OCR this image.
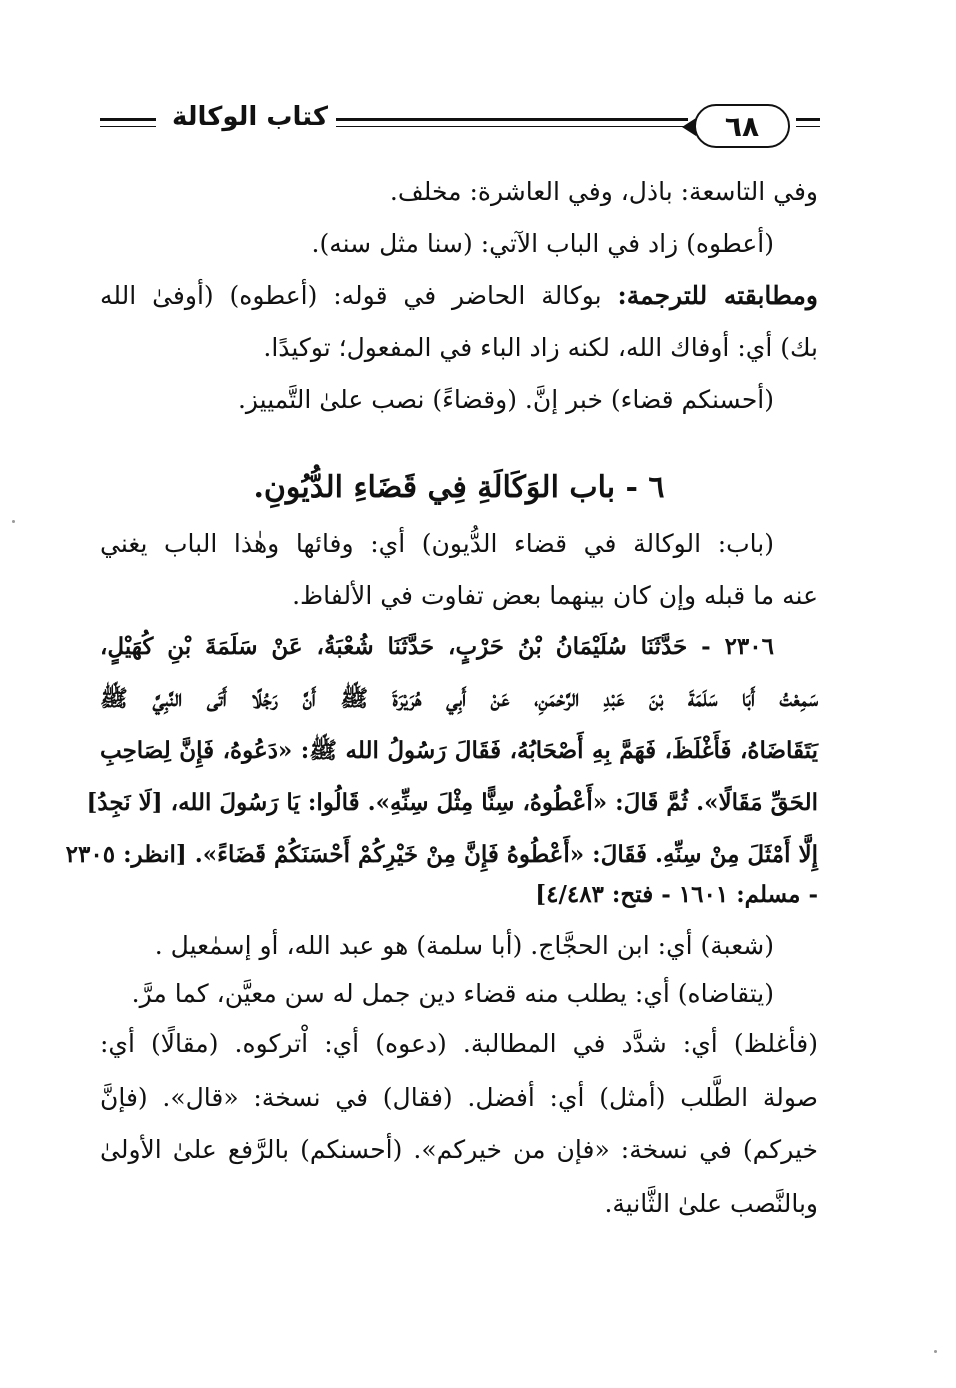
كتاب الوكالة	٦٨
وفي التاسعة: باذل، وفي العاشرة: مخلف.
(أعطوه) زاد في الباب الآتي: (سنا مثل سنه).
ومطابقته للترجمة: بوكالة الحاضر في قوله: (أعطوه) (أوفىٰ الله
بك) أي: أوفاك الله، لكنه زاد الباء في المفعول؛ توكيدًا.
(أحسنكم قضاء) خبر إنَّ. (وقضاءً) نصب علىٰ التَّمييز.
٦ - باب الوَكَالَةِ فِي قَضَاءِ الدُّيُونِ.
(باب: الوكالة في قضاء الدُّيون) أي: وفائها وهٰذا الباب يغني
عنه ما قبله وإن كان بينهما بعض تفاوت في الألفاظ.
٢٣٠٦ - حَدَّثَنَا سُلَيْمَانُ بْنُ حَرْبٍ، حَدَّثَنَا شُعْبَةُ، عَنْ سَلَمَةَ بْنِ كُهَيْلٍ،
سَمِعْتُ أَبَا سَلَمَةَ بْنَ عَبْدِ الرَّحْمَنِ، عَنْ أَبِي هُرَيْرَةَ ﷺ أَنَّ رَجُلًا أَتَى النَّبِيَّ ﷺ
يَتَقَاضَاهُ، فَأَغْلَظَ، فَهَمَّ بِهِ أَصْحَابُهُ، فَقَالَ رَسُولُ الله ﷺ: «دَعُوهُ، فَإِنَّ لِصَاحِبِ
الحَقِّ مَقَالًا». ثُمَّ قَالَ: «أَعْطُوهُ، سِنًّا مِثْلَ سِنِّهِ». قَالُوا: يَا رَسُولَ الله، [لَا نَجِدُ]
إِلَّا أَمْثَلَ مِنْ سِنِّهِ. فَقَالَ: «أَعْطُوهُ فَإِنَّ مِنْ خَيْرِكُمْ أَحْسَنَكُمْ قَضَاءً». [انظر: ٢٣٠٥
- مسلم: ١٦٠١ - فتح: ٤/٤٨٣]
(شعبة) أي: ابن الحجَّاج. (أبا سلمة) هو عبد الله، أو إسمٰعيل .
(يتقاضاه) أي: يطلب منه قضاء دين جمل له سن معيَّن، كما مرَّ.
(فأغلظ) أي: شدَّد في المطالبة. (دعوه) أي: اْتركوه. (مقالًا) أي:
صولة الطَّلب (أمثل) أي: أفضل. (فقال) في نسخة: «قال». (فإنَّ
خيركم) في نسخة: «فإن من خيركم». (أحسنكم) بالرَّفع علىٰ الأولىٰ
وبالنَّصب علىٰ الثَّانية.
